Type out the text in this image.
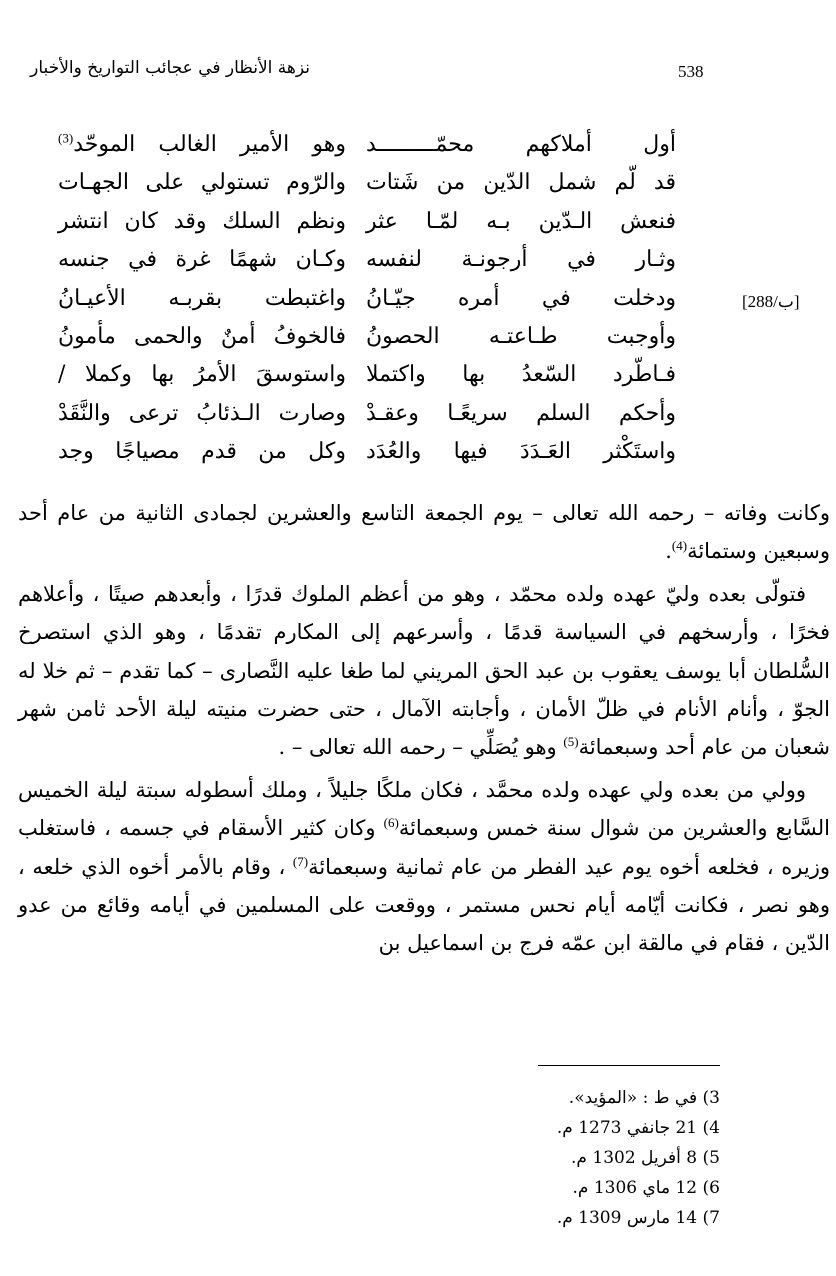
نزهة الأنظار في عجائب التواريخ والأخبار	538
[288/ب]
أول أملاكهم محمّـــــــــد
وهو الأمير الغالب الموحّد$^{(3)}$
قد لّم شمل الدّين من شَتات
والرّوم تستولي على الجهـات
فنعش الـدّين بـه لمّـا عثر
ونظم السلك وقد كان انتشر
وثـار في أرجونـة لنفسه
وكـان شهمًا غرة في جنسه
ودخلت في أمره جيّـانُ
واغتبطت بقربـه الأعيـانُ
وأوجبت طـاعتـه الحصونُ
فالخوفُ أمنٌ والحمى مأمونُ
فـاطّرد السّعدُ بها واكتملا
واستوسقَ الأمرُ بها وكملا /
وأحكم السلم سريعًـا وعقـدْ
وصارت الـذئابُ ترعى والنَّقَدْ
واستَكْثر العَـدَدَ فيها والعُدَد
وكل من قدم مصياجًا وجد

وكانت وفاته – رحمه الله تعالى – يوم الجمعة التاسع والعشرين لجمادى الثانية من عام أحد وسبعين وستمائة$^{(4)}$.

فتولّى بعده وليّ عهده ولده محمّد ، وهو من أعظم الملوك قدرًا ، وأبعدهم صيتًا ، وأعلاهم فخرًا ، وأرسخهم في السياسة قدمًا ، وأسرعهم إلى المكارم تقدمًا ، وهو الذي استصرخ السُّلطان أبا يوسف يعقوب بن عبد الحق المريني لما طغا عليه النَّصارى – كما تقدم – ثم خلا له الجوّ ، وأنام الأنام في ظلّ الأمان ، وأجابته الآمال ، حتى حضرت منيته ليلة الأحد ثامن شهر شعبان من عام أحد وسبعمائة$^{(5)}$ وهو يُصَلِّي – رحمه الله تعالى – .

وولي من بعده ولي عهده ولده محمَّد ، فكان ملكًا جليلاً ، وملك أسطوله سبتة ليلة الخميس السَّابع والعشرين من شوال سنة خمس وسبعمائة$^{(6)}$ وكان كثير الأسقام في جسمه ، فاستغلب وزيره ، فخلعه أخوه يوم عيد الفطر من عام ثمانية وسبعمائة$^{(7)}$ ، وقام بالأمر أخوه الذي خلعه ، وهو نصر ، فكانت أيّامه أيام نحس مستمر ، ووقعت على المسلمين في أيامه وقائع من عدو الدّين ، فقام في مالقة ابن عمّه فرج بن اسماعيل بن

3) في ط : «المؤيد».
4) 21 جانفي 1273 م.
5) 8 أفريل 1302 م.
6) 12 ماي 1306 م.
7) 14 مارس 1309 م.
